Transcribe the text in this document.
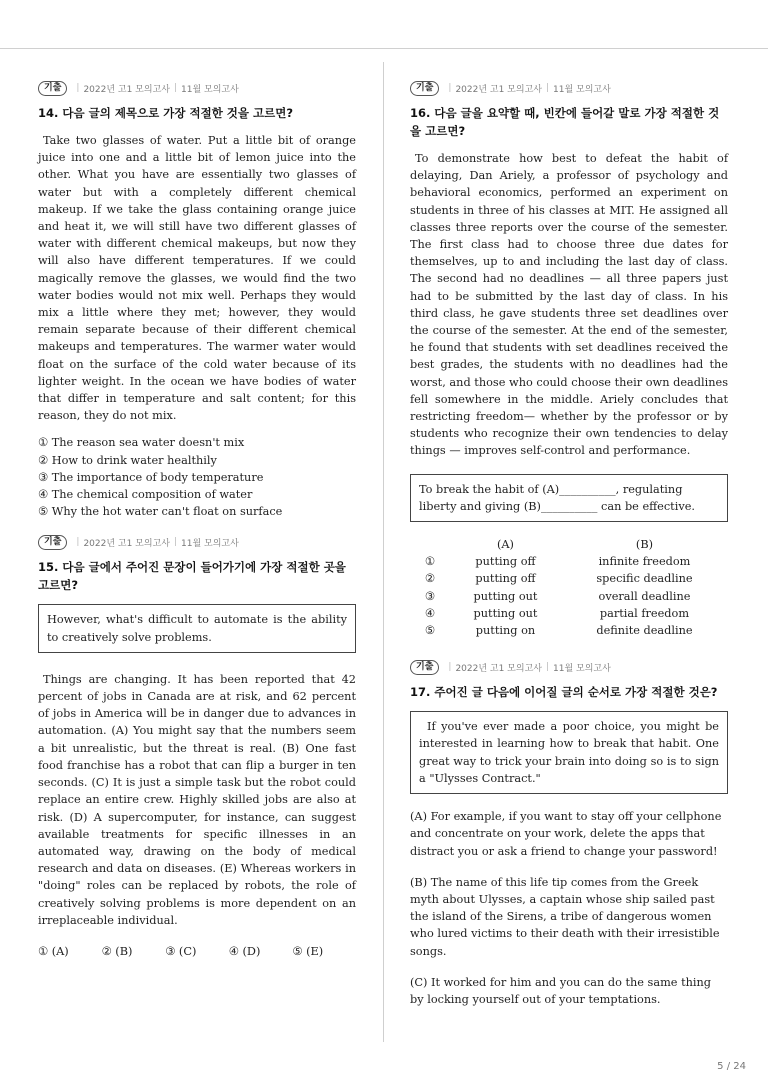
기출	| 2022년 고1 모의고사 | 11월 모의고사
14. 다음 글의 제목으로 가장 적절한 것을 고르면?

Take two glasses of water. Put a little bit of orange juice into one and a little bit of lemon juice into the other. What you have are essentially two glasses of water but with a completely different chemical makeup. If we take the glass containing orange juice and heat it, we will still have two different glasses of water with different chemical makeups, but now they will also have different temperatures. If we could magically remove the glasses, we would find the two water bodies would not mix well. Perhaps they would mix a little where they met; however, they would remain separate because of their different chemical makeups and temperatures. The warmer water would float on the surface of the cold water because of its lighter weight. In the ocean we have bodies of water that differ in temperature and salt content; for this reason, they do not mix.

① The reason sea water doesn't mix
② How to drink water healthily
③ The importance of body temperature
④ The chemical composition of water
⑤ Why the hot water can't float on surface
기출	| 2022년 고1 모의고사 | 11월 모의고사
15. 다음 글에서 주어진 문장이 들어가기에 가장 적절한 곳을 고르면?
However, what's difficult to automate is the ability to creatively solve problems.

Things are changing. It has been reported that 42 percent of jobs in Canada are at risk, and 62 percent of jobs in America will be in danger due to advances in automation. (A) You might say that the numbers seem a bit unrealistic, but the threat is real. (B) One fast food franchise has a robot that can flip a burger in ten seconds. (C) It is just a simple task but the robot could replace an entire crew. Highly skilled jobs are also at risk. (D) A supercomputer, for instance, can suggest available treatments for specific illnesses in an automated way, drawing on the body of medical research and data on diseases. (E) Whereas workers in "doing" roles can be replaced by robots, the role of creatively solving problems is more dependent on an irreplaceable individual.

① (A)	② (B)	③ (C)	④ (D)	⑤ (E)
기출	| 2022년 고1 모의고사 | 11월 모의고사
16. 다음 글을 요약할 때, 빈칸에 들어갈 말로 가장 적절한 것을 고르면?

To demonstrate how best to defeat the habit of delaying, Dan Ariely, a professor of psychology and behavioral economics, performed an experiment on students in three of his classes at MIT. He assigned all classes three reports over the course of the semester. The first class had to choose three due dates for themselves, up to and including the last day of class. The second had no deadlines — all three papers just had to be submitted by the last day of class. In his third class, he gave students three set deadlines over the course of the semester. At the end of the semester, he found that students with set deadlines received the best grades, the students with no deadlines had the worst, and those who could choose their own deadlines fell somewhere in the middle. Ariely concludes that restricting freedom— whether by the professor or by students who recognize their own tendencies to delay things — improves self-control and performance.

To break the habit of (A)__________, regulating liberty and giving (B)__________ can be effective.
	(A)	(B)
①	putting off	infinite freedom
②	putting off	specific deadline
③	putting out	overall deadline
④	putting out	partial freedom
⑤	putting on	definite deadline
기출	| 2022년 고1 모의고사 | 11월 모의고사
17. 주어진 글 다음에 이어질 글의 순서로 가장 적절한 것은?
If you've ever made a poor choice, you might be interested in learning how to break that habit. One great way to trick your brain into doing so is to sign a "Ulysses Contract."

(A) For example, if you want to stay off your cellphone and concentrate on your work, delete the apps that distract you or ask a friend to change your password!

(B) The name of this life tip comes from the Greek myth about Ulysses, a captain whose ship sailed past the island of the Sirens, a tribe of dangerous women who lured victims to their death with their irresistible songs.

(C) It worked for him and you can do the same thing by locking yourself out of your temptations.

5 / 24
